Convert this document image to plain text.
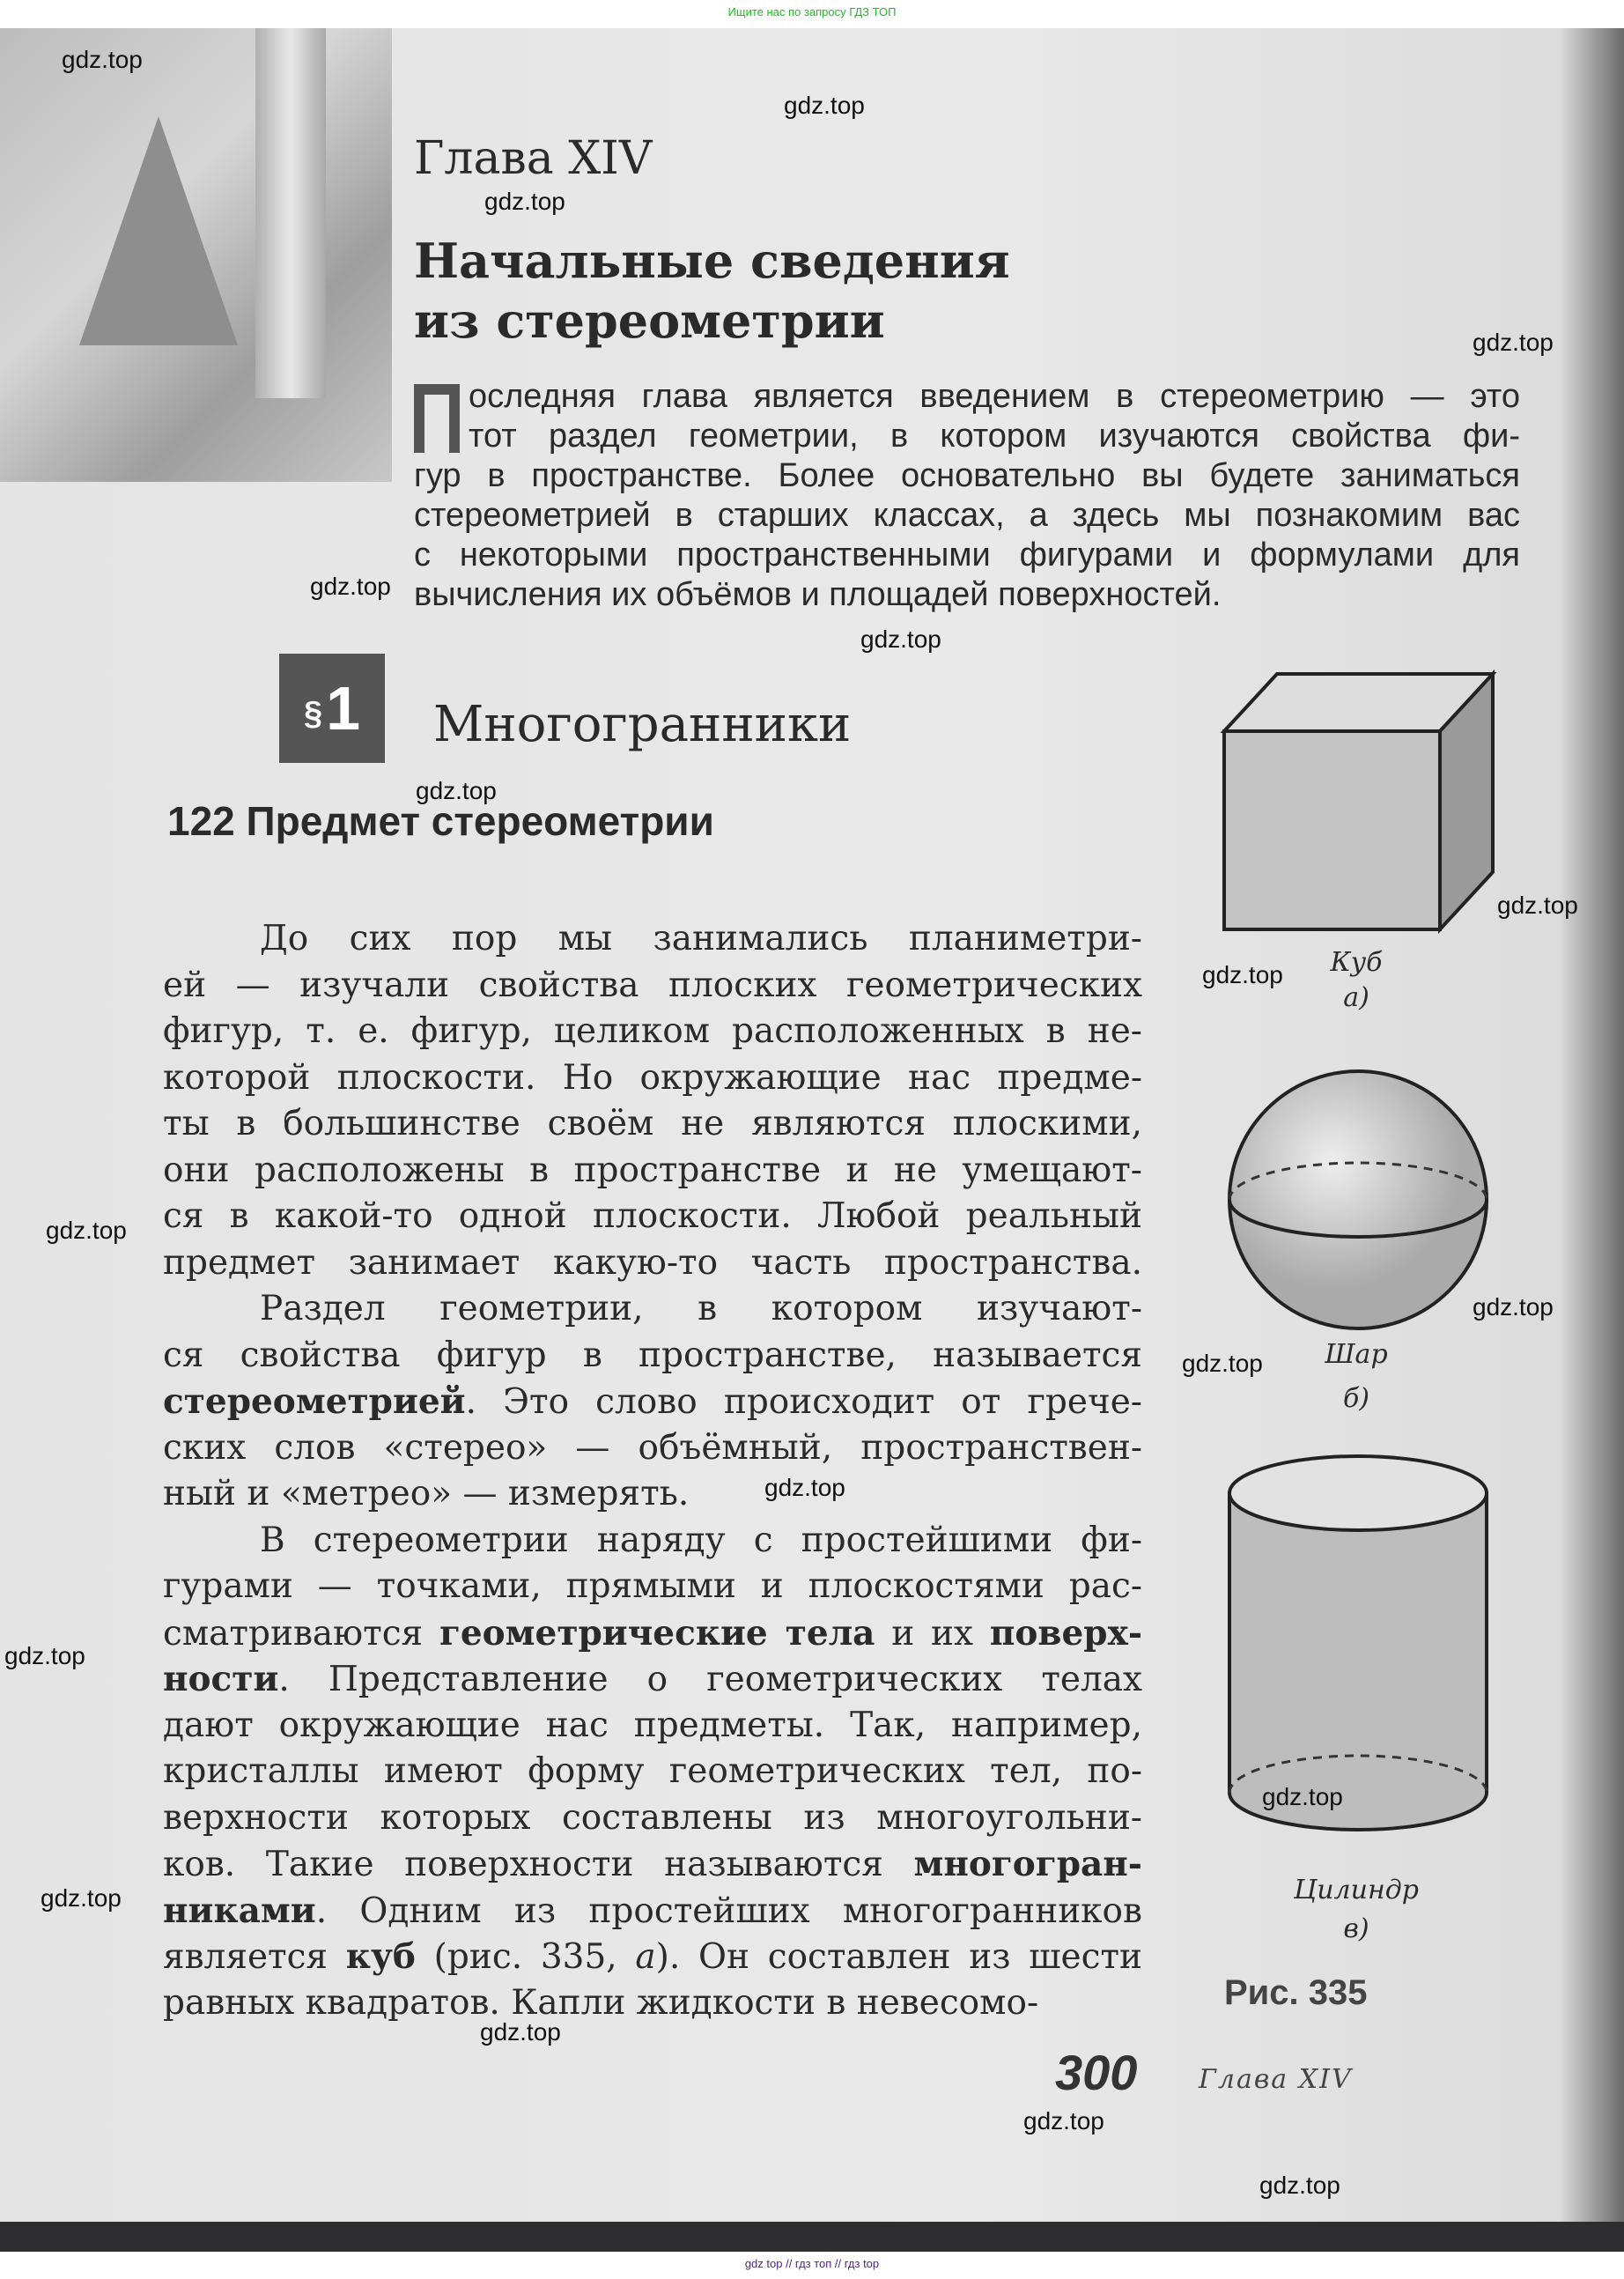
Ищите нас по запросу ГДЗ ТОП
Глава XIV
Начальные сведения
из стереометрии
оследняя глава является введением в стереометрию — это
тот раздел геометрии, в котором изучаются свойства фи-
гур в пространстве. Более основательно вы будете заниматься
стереометрией в старших классах, а здесь мы познакомим вас
с некоторыми пространственными фигурами и формулами для
вычисления их объёмов и площадей поверхностей.
§1	Многогранники
122 Предмет стереометрии
До сих пор мы занимались планиметри-
ей — изучали свойства плоских геометрических
фигур, т. е. фигур, целиком расположенных в не-
которой плоскости. Но окружающие нас предме-
ты в большинстве своём не являются плоскими,
они расположены в пространстве и не умещают-
ся в какой-то одной плоскости. Любой реальный
предмет занимает какую-то часть пространства.
Раздел геометрии, в котором изучают-
ся свойства фигур в пространстве, называется
стереометрией. Это слово происходит от грече-
ских слов «стерео» — объёмный, пространствен-
ный и «метрео» — измерять.
В стереометрии наряду с простейшими фи-
гурами — точками, прямыми и плоскостями рас-
сматриваются геометрические тела и их поверх-
ности. Представление о геометрических телах
дают окружающие нас предметы. Так, например,
кристаллы имеют форму геометрических тел, по-
верхности которых составлены из многоугольни-
ков. Такие поверхности называются многогран-
никами. Одним из простейших многогранников
является куб (рис. 335, а). Он составлен из шести
равных квадратов. Капли жидкости в невесомо-
Куб
а)
Шар
б)
Цилиндр
в)
Рис. 335
300 Глава XIV
gdz top // гдз топ // гдз top
gdz.top
gdz.top
gdz.top
gdz.top
gdz.top
gdz.top
gdz.top
gdz.top
gdz.top
gdz.top
gdz.top
gdz.top
gdz.top
gdz.top
gdz.top
gdz.top
gdz.top
gdz.top
gdz.top
